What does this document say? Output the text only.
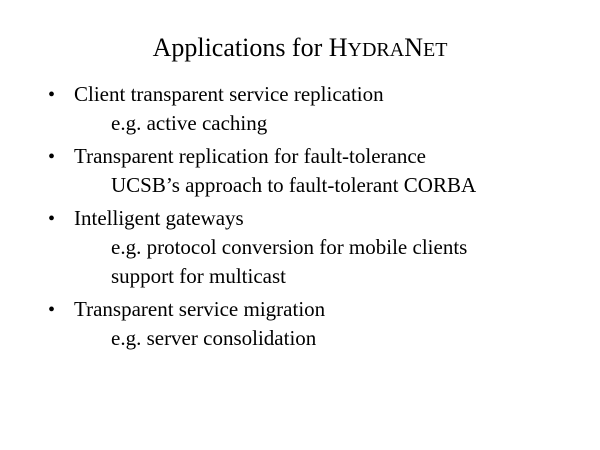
Applications for HYDRANET
• Client transparent service replication
e.g. active caching
• Transparent replication for fault-tolerance
UCSB’s approach to fault-tolerant CORBA
• Intelligent gateways
e.g. protocol conversion for mobile clients
support for multicast
• Transparent service migration
e.g. server consolidation
